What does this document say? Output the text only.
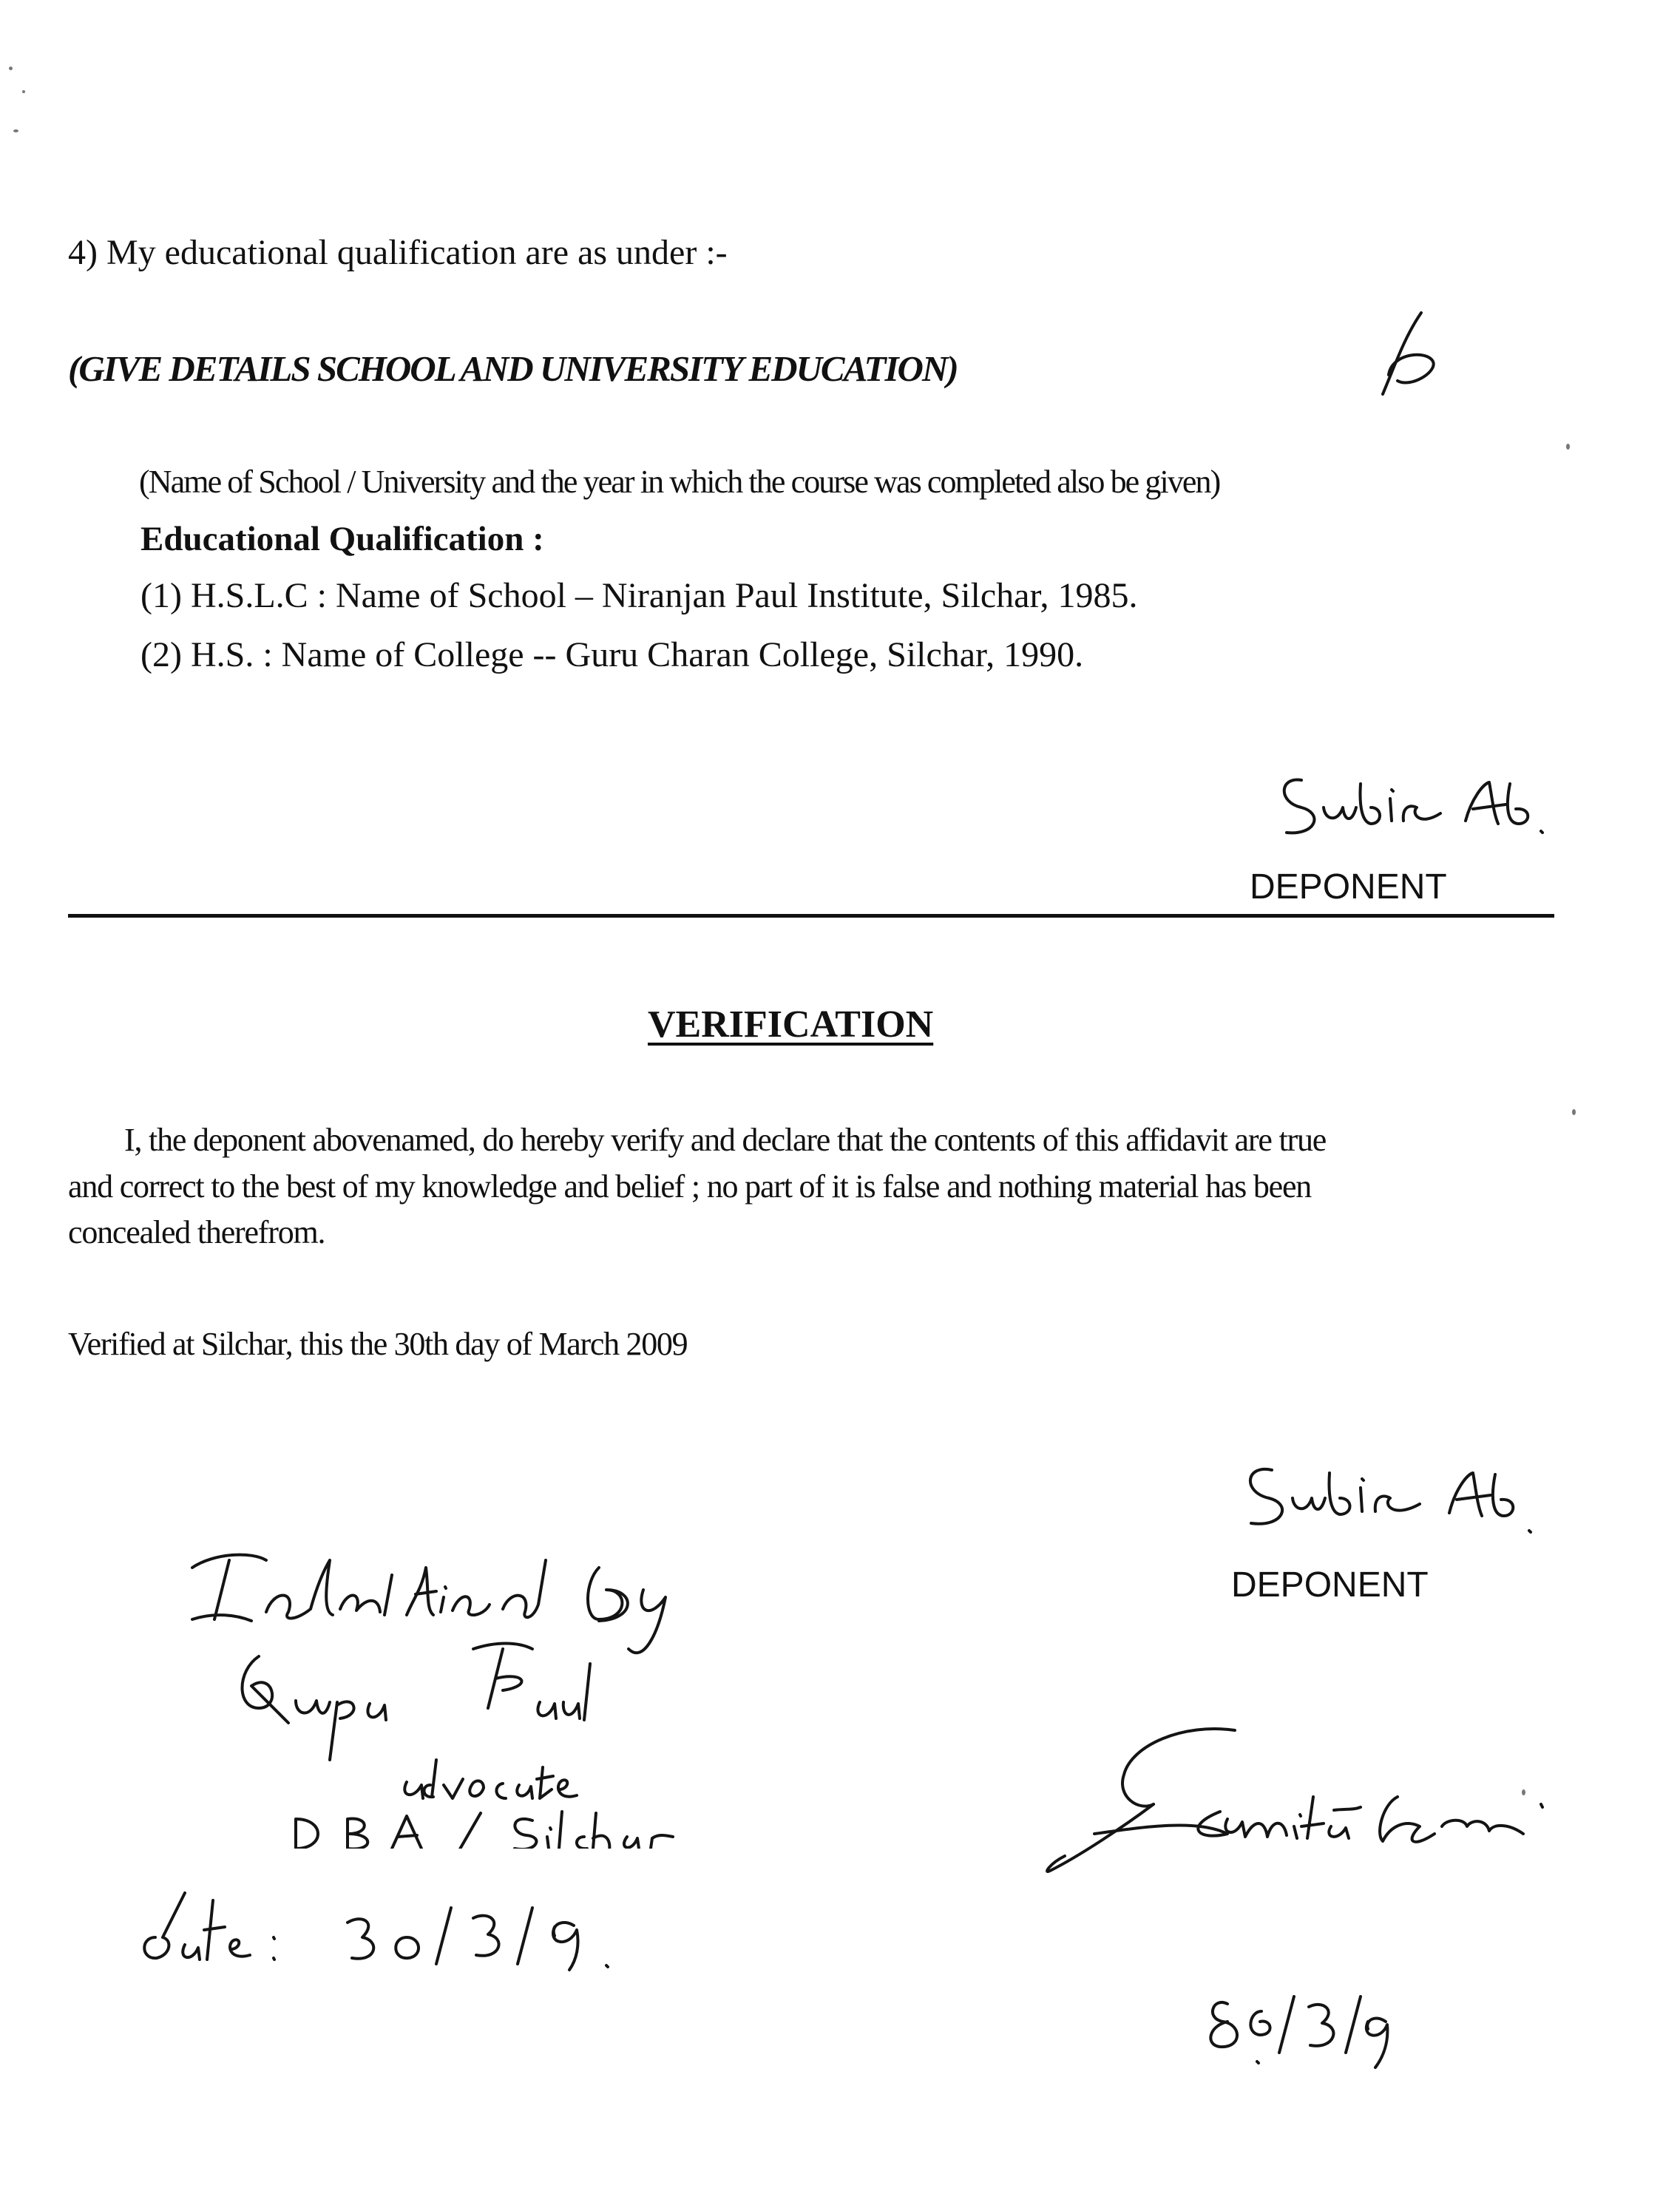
4) My educational qualification are as under :-
(GIVE DETAILS SCHOOL AND UNIVERSITY EDUCATION)
(Name of School / University and the year in which the course was completed also be given)
Educational Qualification :
(1) H.S.L.C : Name of School – Niranjan Paul Institute, Silchar, 1985.
(2) H.S. : Name of College -- Guru Charan College, Silchar, 1990.
DEPONENT
VERIFICATION
I, the deponent abovenamed, do hereby verify and declare that the contents of this affidavit are true
and correct to the best of my knowledge and belief ; no part of it is false and nothing material has been
concealed therefrom.
Verified at Silchar, this the 30th day of March 2009
DEPONENT
